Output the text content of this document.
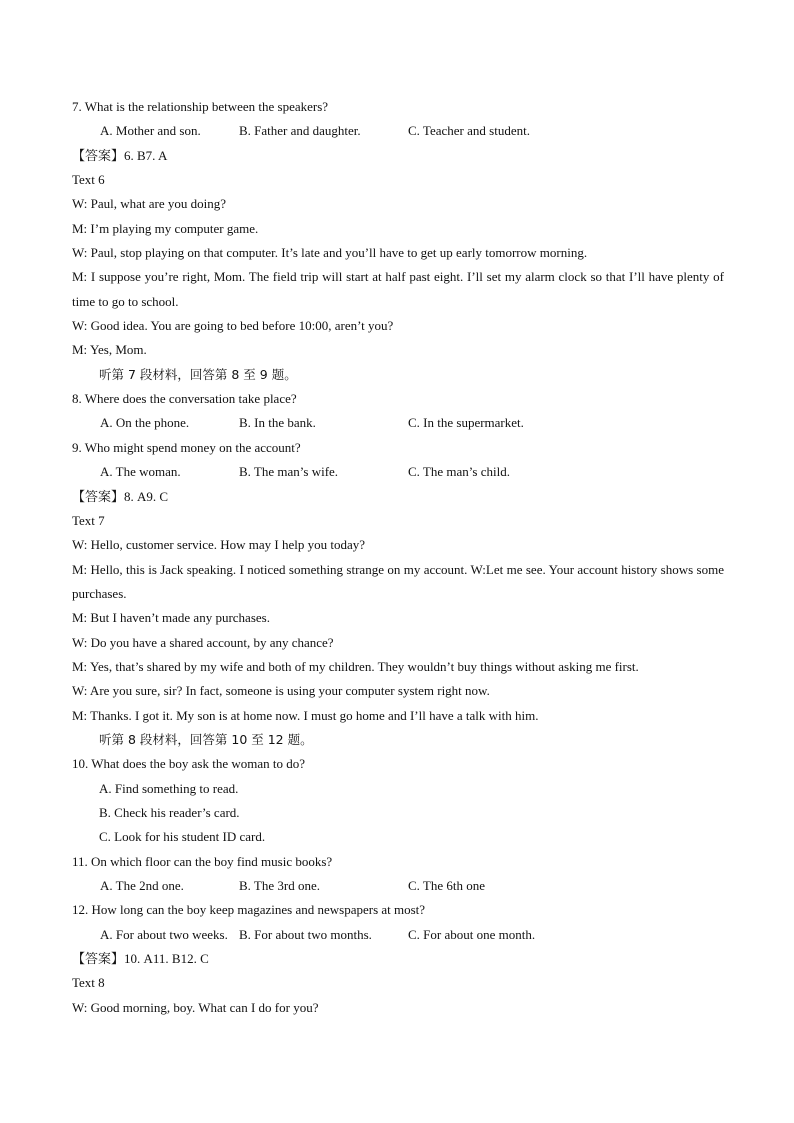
7. What is the relationship between the speakers?
A. Mother and son.	B. Father and daughter.	C. Teacher and student.
【答案】6. B7. A
Text 6
W: Paul, what are you doing?
M: I’m playing my computer game.
W: Paul, stop playing on that computer. It’s late and you’ll have to get up early tomorrow morning.
M: I suppose you’re right, Mom. The field trip will start at half past eight. I’ll set my alarm clock so that I’ll have plenty of time to go to school.
W: Good idea. You are going to bed before 10:00, aren’t you?
M: Yes, Mom.
听第 7 段材料，回答第 8 至 9 题。
8. Where does the conversation take place?
A. On the phone.	B. In the bank.	C. In the supermarket.
9. Who might spend money on the account?
A. The woman.	B. The man’s wife.	C. The man’s child.
【答案】8. A9. C
Text 7
W: Hello, customer service. How may I help you today?
M: Hello, this is Jack speaking. I noticed something strange on my account. W:Let me see. Your account history shows some purchases.
M: But I haven’t made any purchases.
W: Do you have a shared account, by any chance?
M: Yes, that’s shared by my wife and both of my children. They wouldn’t buy things without asking me first.
W: Are you sure, sir? In fact, someone is using your computer system right now.
M: Thanks. I got it. My son is at home now. I must go home and I’ll have a talk with him.
听第 8 段材料，回答第 10 至 12 题。
10. What does the boy ask the woman to do?
A. Find something to read.
B. Check his reader’s card.
C. Look for his student ID card.
11. On which floor can the boy find music books?
A. The 2nd one.	B. The 3rd one.	C. The 6th one
12. How long can the boy keep magazines and newspapers at most?
A. For about two weeks. B. For about two months.	C. For about one month.
【答案】10. A11. B12. C
Text 8
W: Good morning, boy. What can I do for you?
